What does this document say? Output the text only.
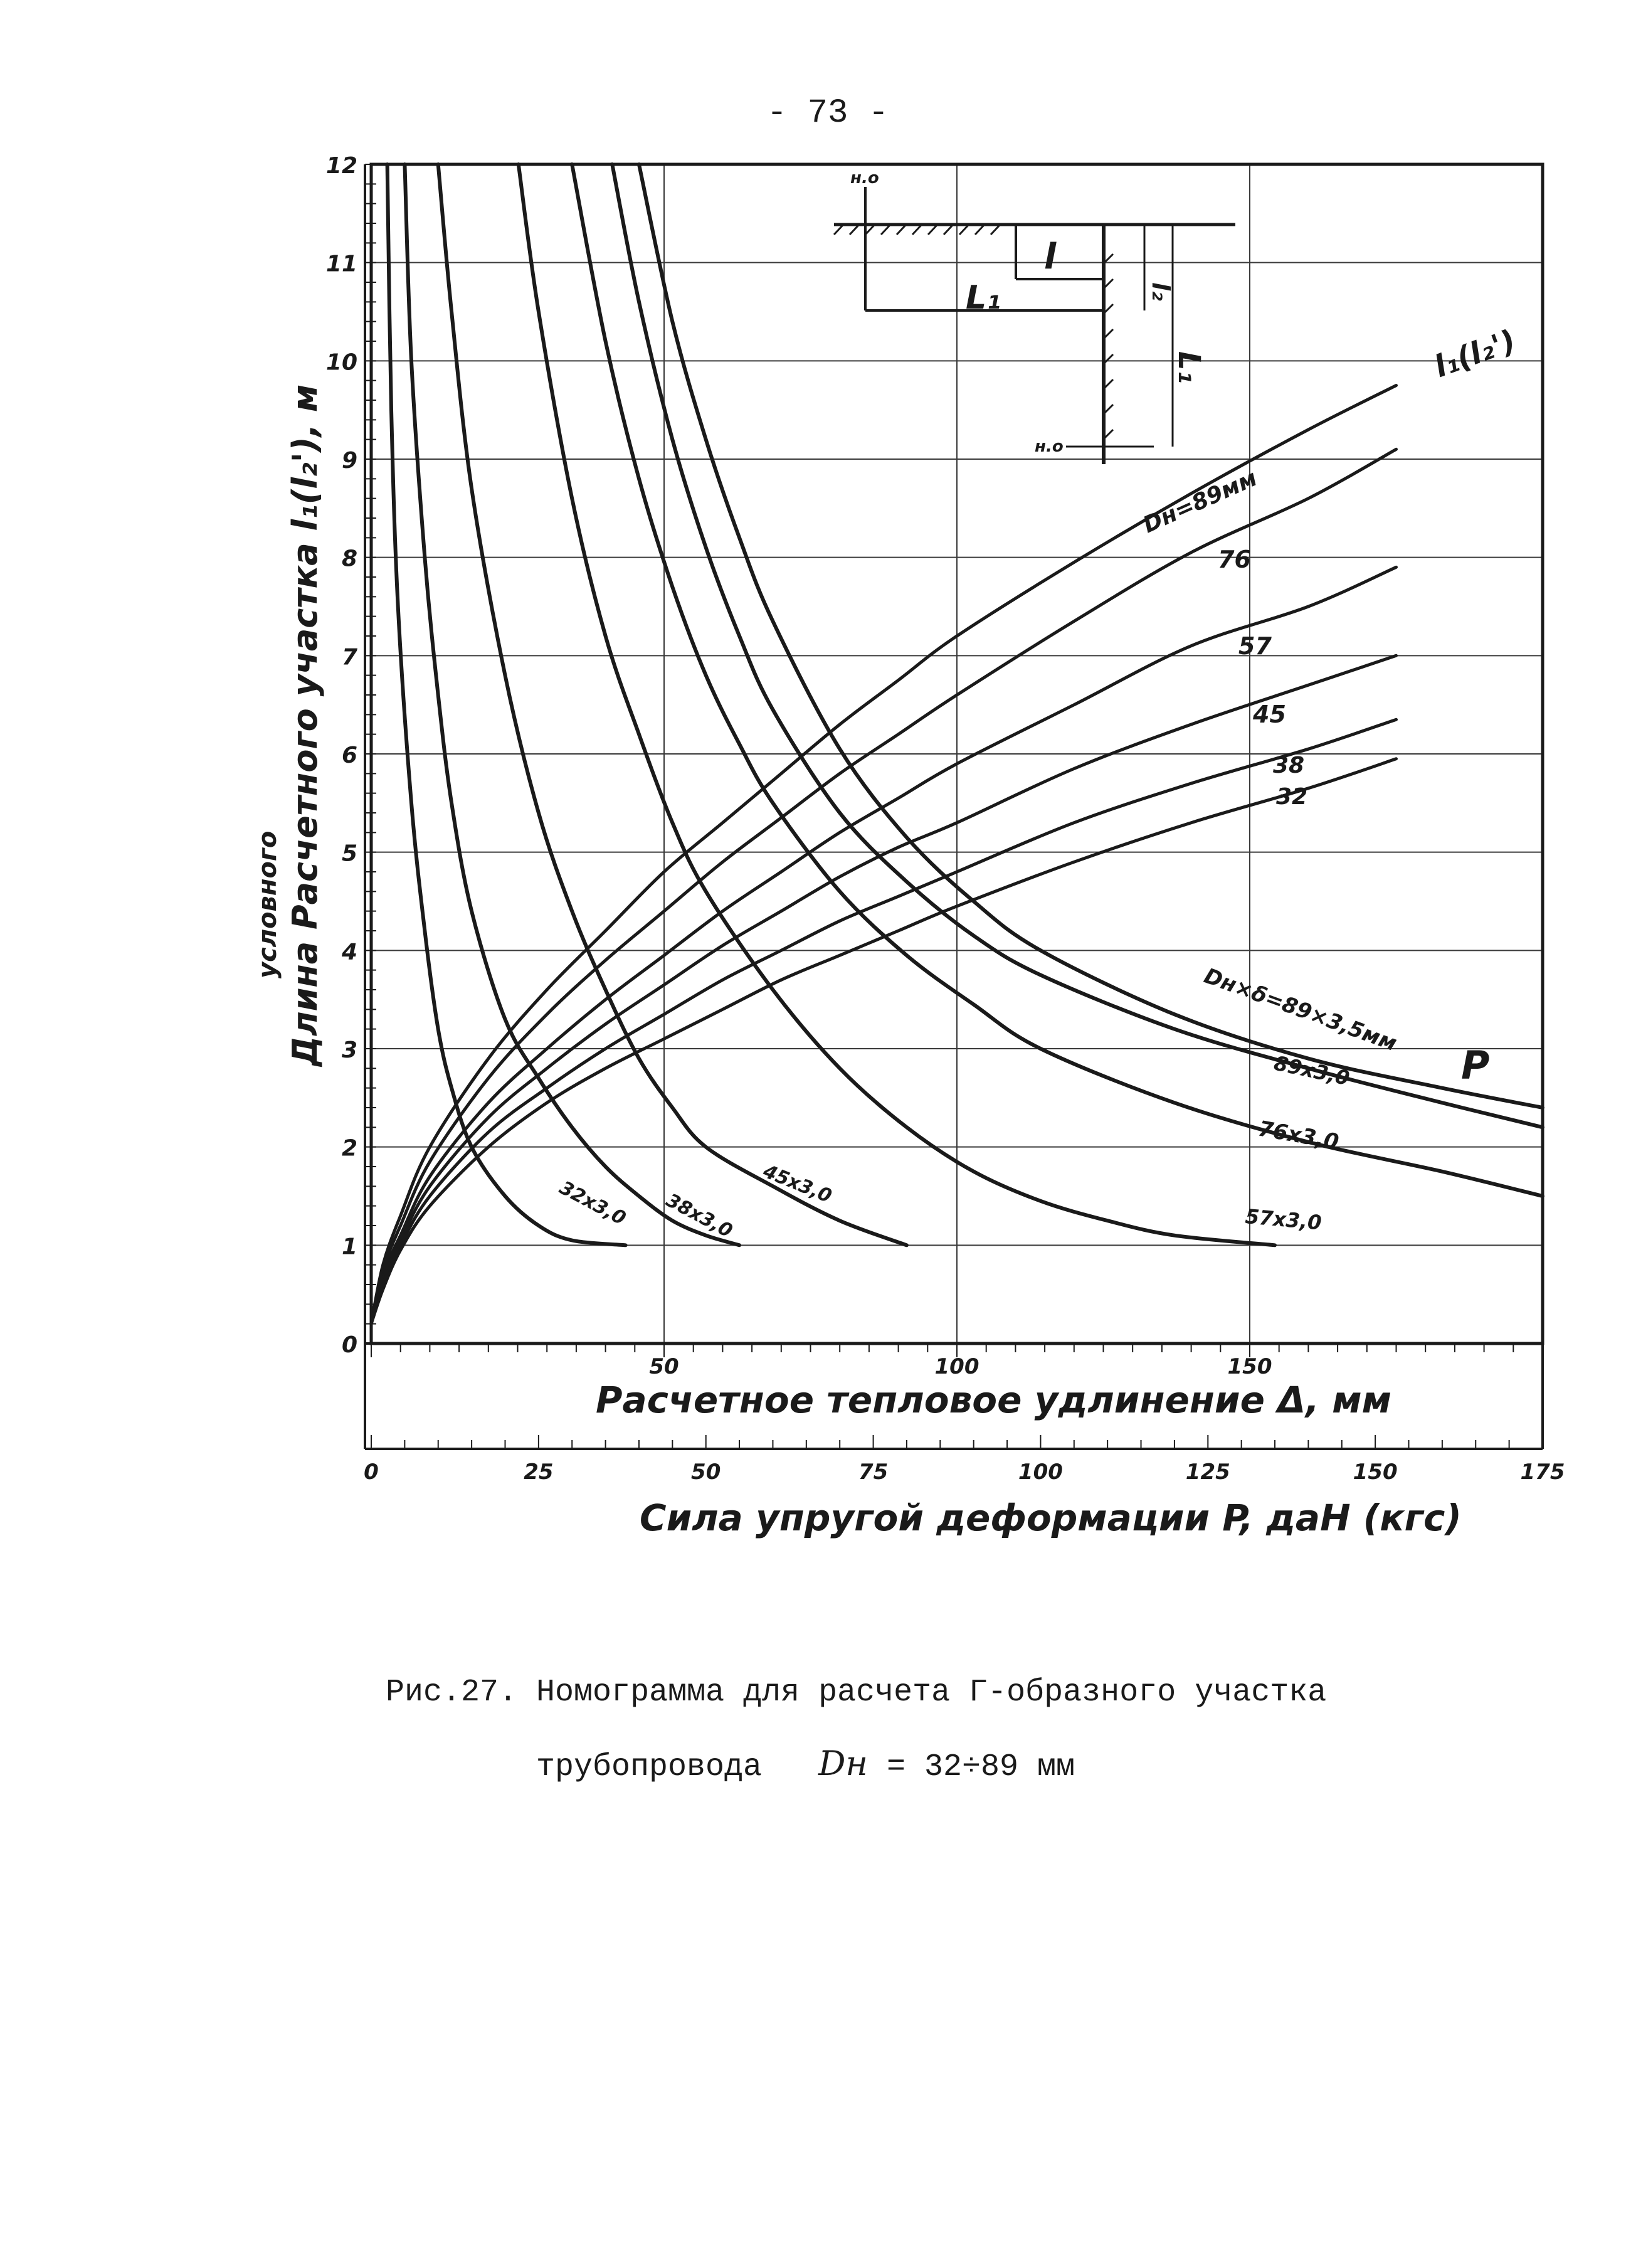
- 73 -
0
1
2
3
4
5
6
7
8
9
10
11
12
50	100	150
0	25	50	75	100	125	150	175
Dн=89мм
76
57
45
38
32
32x3,0 38x3,0
45x3,0
57x3,0
76x3,0
89x3,0
Dн×δ=89×3,5мм
l₁(l₂')
P
условного Длина Расчетного участка l₁(l₂'), м
Расчетное тепловое удлинение Δ, мм
Сила упругой деформации P, даН (кгс)
н.о
н.о
l
L₁	l₂
L₁
Рис.27. Номограмма для расчета Г-образного участка
трубопровода Dн = 32÷89 мм
